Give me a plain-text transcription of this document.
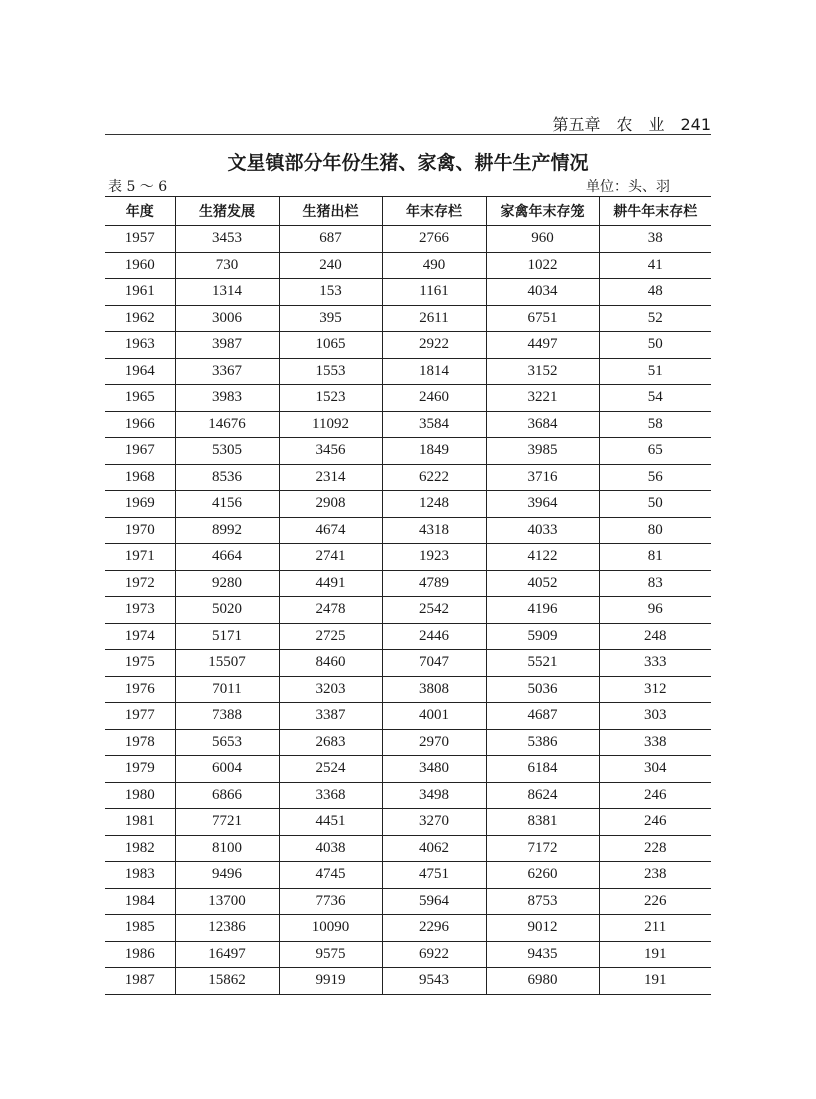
第五章　农　业　241
文星镇部分年份生猪、家禽、耕牛生产情况
表 5 ～ 6	单位：头、羽
年度	生猪发展	生猪出栏	年末存栏	家禽年末存笼	耕牛年末存栏
1957	3453	687	2766	960	38
1960	730	240	490	1022	41
1961	1314	153	1161	4034	48
1962	3006	395	2611	6751	52
1963	3987	1065	2922	4497	50
1964	3367	1553	1814	3152	51
1965	3983	1523	2460	3221	54
1966	14676	11092	3584	3684	58
1967	5305	3456	1849	3985	65
1968	8536	2314	6222	3716	56
1969	4156	2908	1248	3964	50
1970	8992	4674	4318	4033	80
1971	4664	2741	1923	4122	81
1972	9280	4491	4789	4052	83
1973	5020	2478	2542	4196	96
1974	5171	2725	2446	5909	248
1975	15507	8460	7047	5521	333
1976	7011	3203	3808	5036	312
1977	7388	3387	4001	4687	303
1978	5653	2683	2970	5386	338
1979	6004	2524	3480	6184	304
1980	6866	3368	3498	8624	246
1981	7721	4451	3270	8381	246
1982	8100	4038	4062	7172	228
1983	9496	4745	4751	6260	238
1984	13700	7736	5964	8753	226
1985	12386	10090	2296	9012	211
1986	16497	9575	6922	9435	191
1987	15862	9919	9543	6980	191
